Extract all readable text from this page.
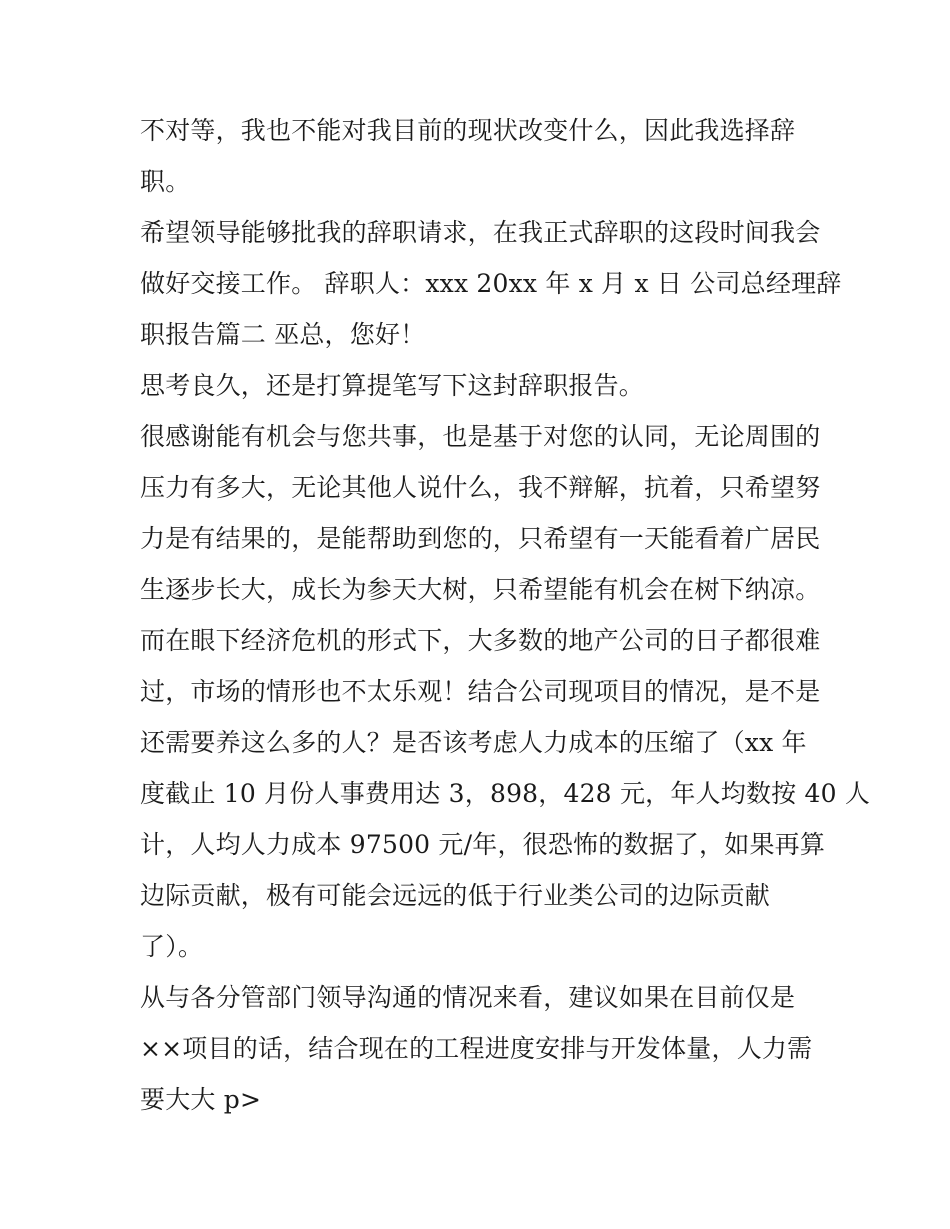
不对等，我也不能对我目前的现状改变什么，因此我选择辞
职。
希望领导能够批我的辞职请求，在我正式辞职的这段时间我会
做好交接工作。 辞职人：xxx 20xx 年 x 月 x 日 公司总经理辞
职报告篇二 巫总，您好！
思考良久，还是打算提笔写下这封辞职报告。
很感谢能有机会与您共事，也是基于对您的认同，无论周围的
压力有多大，无论其他人说什么，我不辩解，抗着，只希望努
力是有结果的，是能帮助到您的，只希望有一天能看着广居民
生逐步长大，成长为参天大树，只希望能有机会在树下纳凉。
而在眼下经济危机的形式下，大多数的地产公司的日子都很难
过，市场的情形也不太乐观！结合公司现项目的情况，是不是
还需要养这么多的人？是否该考虑人力成本的压缩了（xx 年
度截止 10 月份人事费用达 3，898，428 元，年人均数按 40 人
计，人均人力成本 97500 元/年，很恐怖的数据了，如果再算
边际贡献，极有可能会远远的低于行业类公司的边际贡献
了）。
从与各分管部门领导沟通的情况来看，建议如果在目前仅是
××项目的话，结合现在的工程进度安排与开发体量，人力需
要大大 p>
